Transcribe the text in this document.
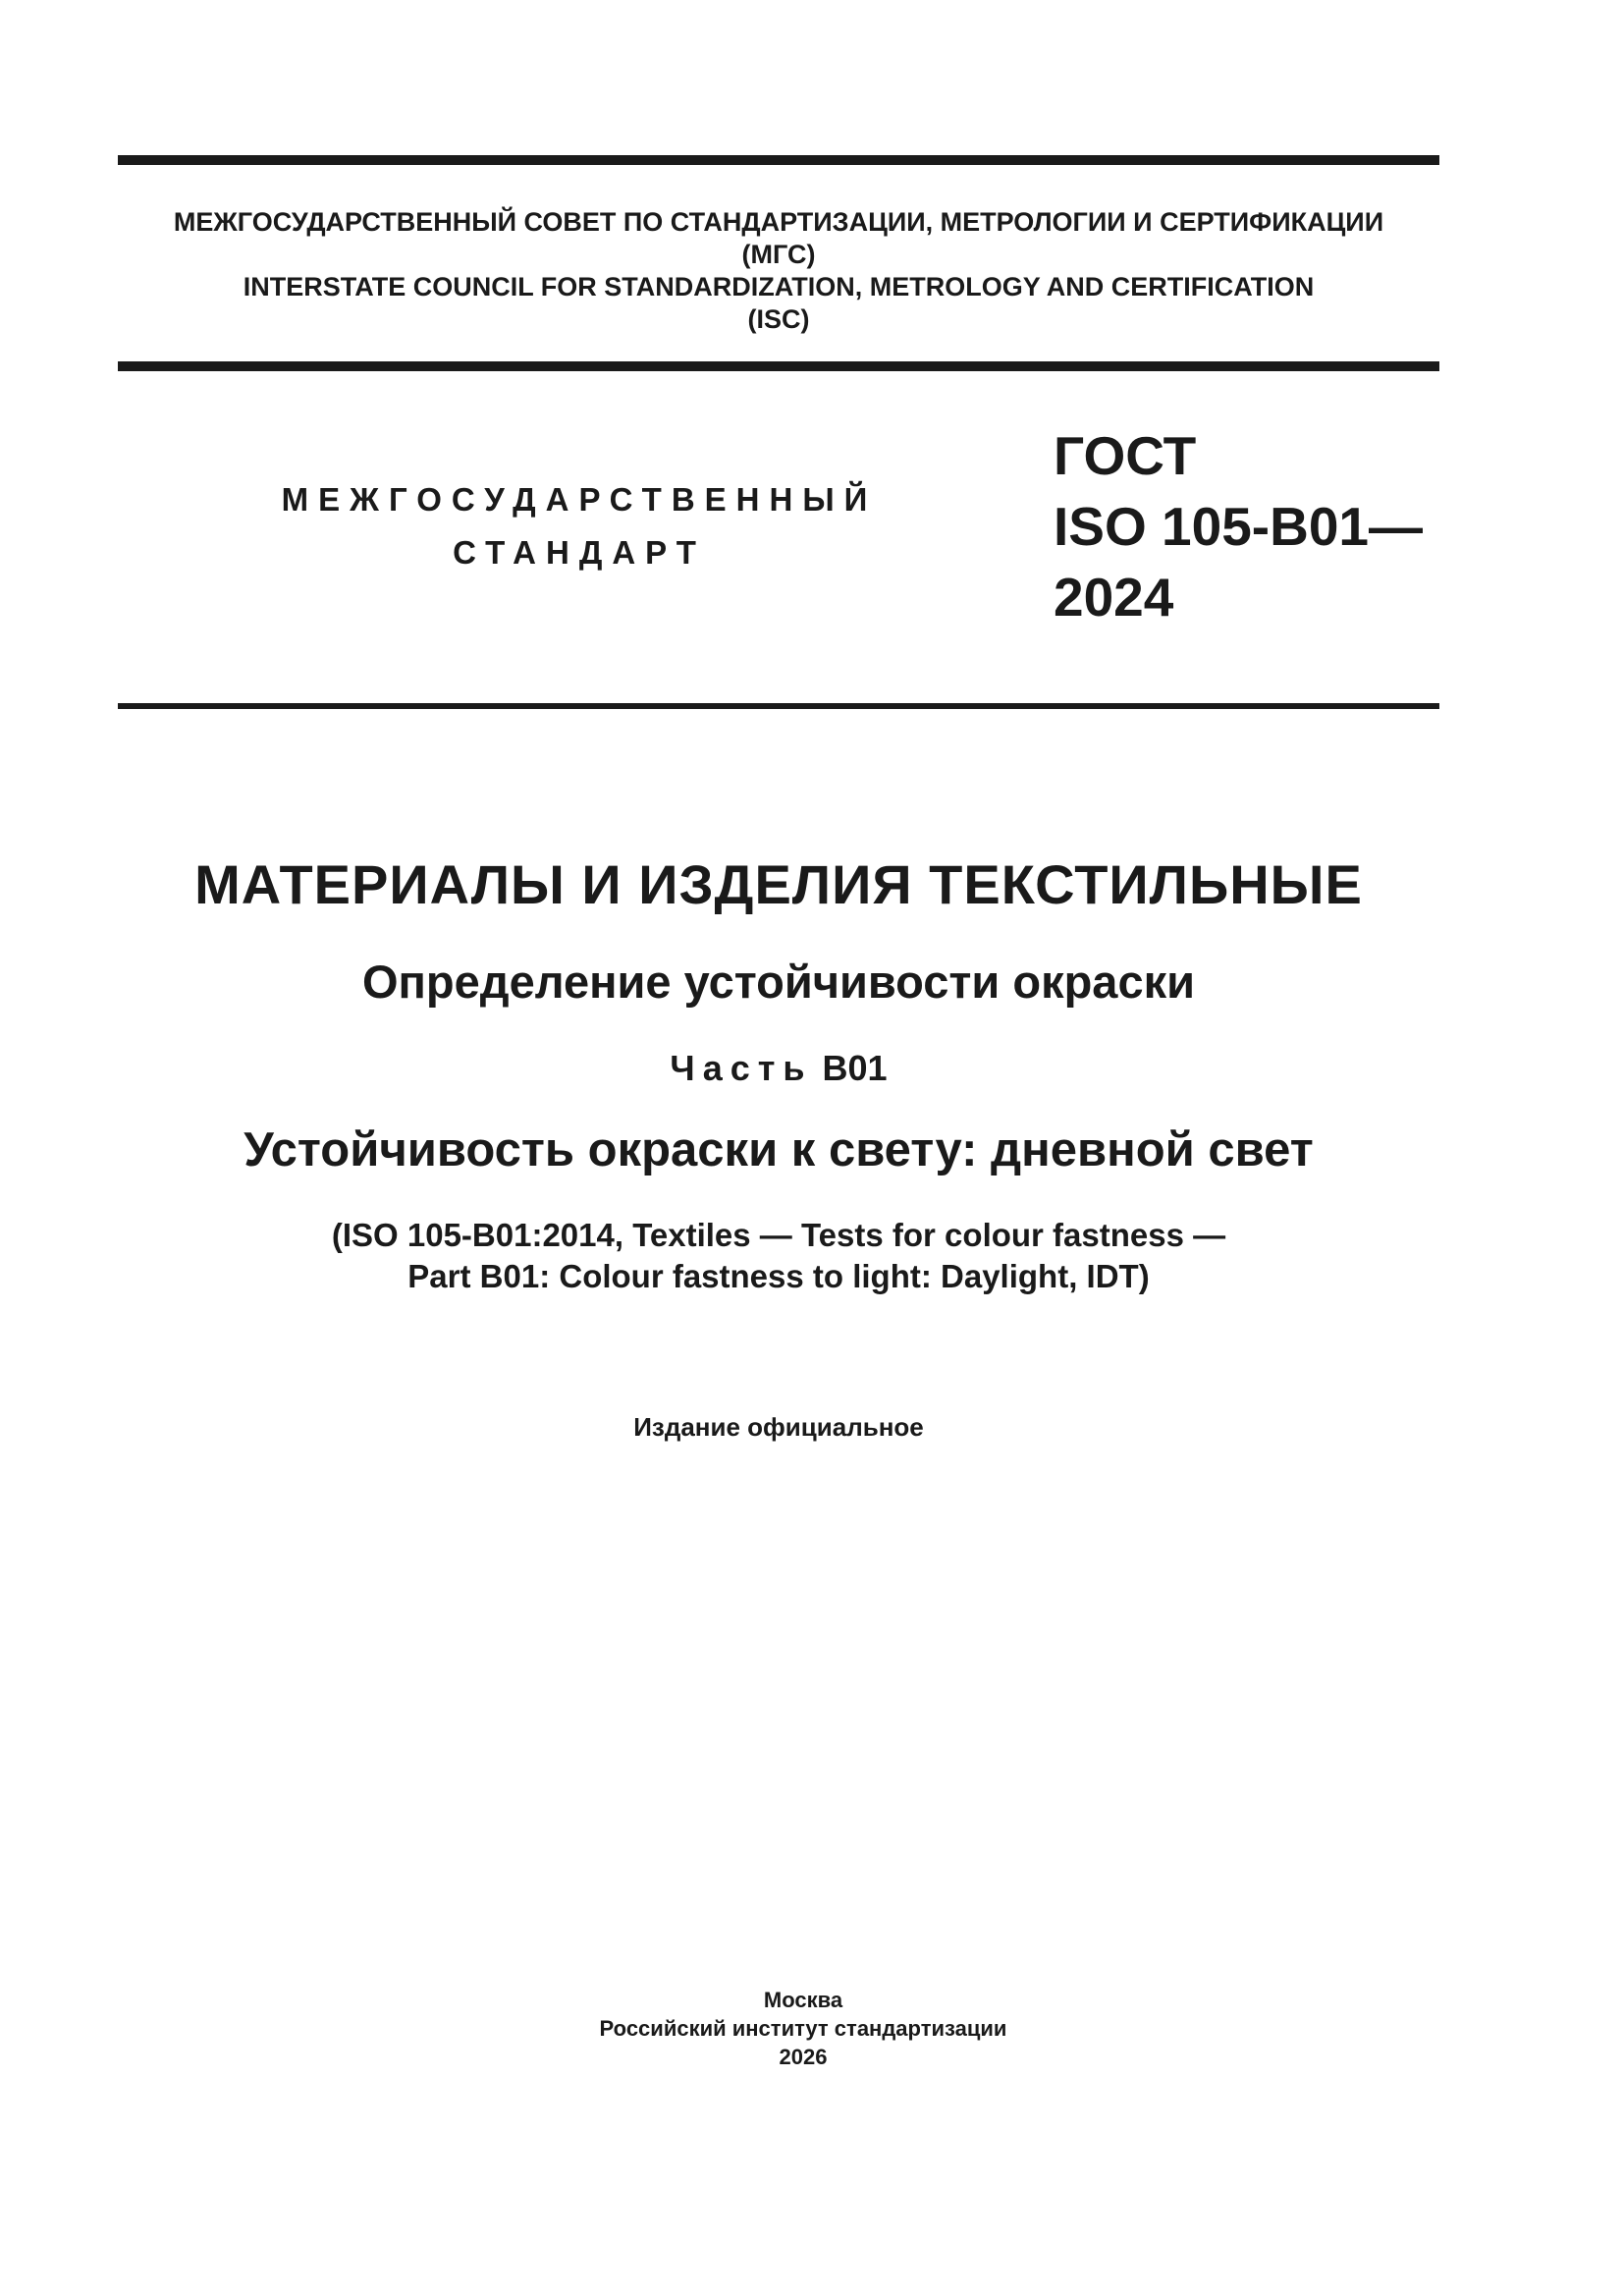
МЕЖГОСУДАРСТВЕННЫЙ СОВЕТ ПО СТАНДАРТИЗАЦИИ, МЕТРОЛОГИИ И СЕРТИФИКАЦИИ
(МГС)
INTERSTATE COUNCIL FOR STANDARDIZATION, METROLOGY AND CERTIFICATION
(ISC)
МЕЖГОСУДАРСТВЕННЫЙ
СТАНДАРТ
ГОСТ
ISO 105-B01—
2024
МАТЕРИАЛЫ И ИЗДЕЛИЯ ТЕКСТИЛЬНЫЕ
Определение устойчивости окраски
Часть B01
Устойчивость окраски к свету: дневной свет
(ISO 105-B01:2014, Textiles — Tests for colour fastness —
Part B01: Colour fastness to light: Daylight, IDT)
Издание официальное
Москва
Российский институт стандартизации
2026
